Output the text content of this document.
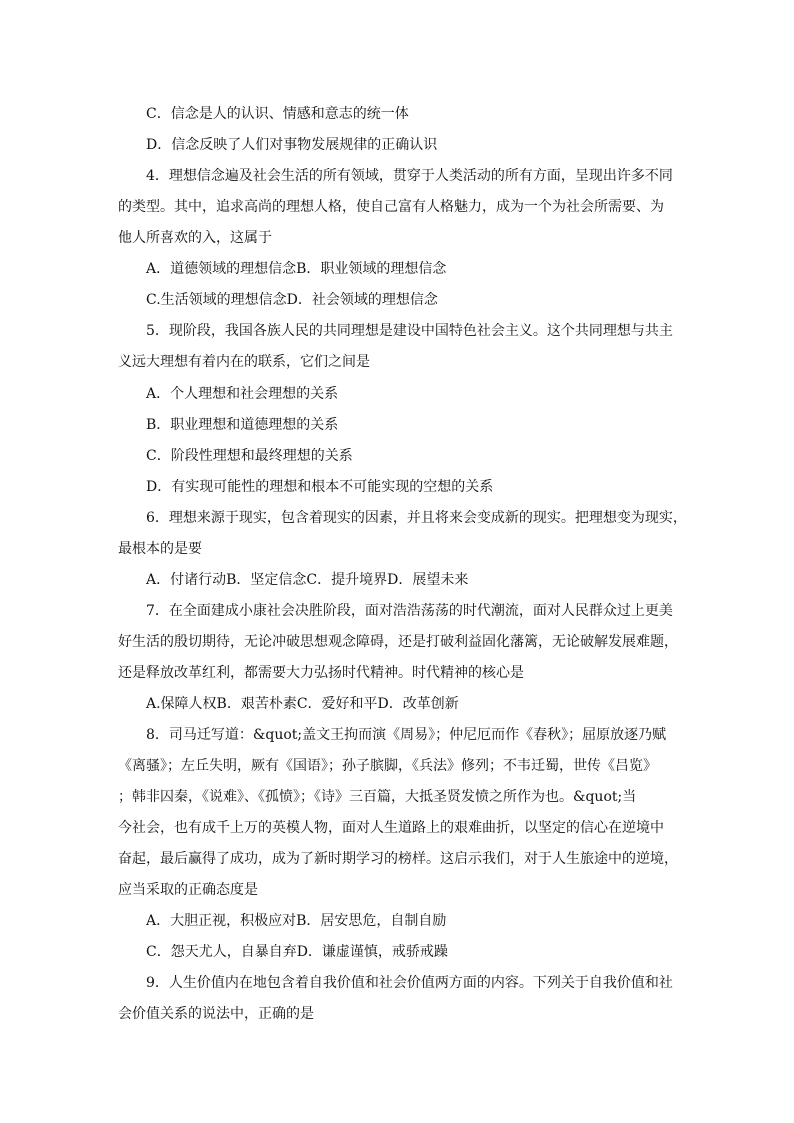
C．信念是人的认识、情感和意志的统一体
D．信念反映了人们对事物发展规律的正确认识
4．理想信念遍及社会生活的所有领域，贯穿于人类活动的所有方面，呈现出许多不同
的类型。其中，追求高尚的理想人格，使自己富有人格魅力，成为一个为社会所需要、为
他人所喜欢的入，这属于
A．道德领域的理想信念B．职业领域的理想信念
C.生活领域的理想信念D．社会领域的理想信念
5．现阶段，我国各族人民的共同理想是建设中国特色社会主义。这个共同理想与共主
义远大理想有着内在的联系，它们之间是
A．个人理想和社会理想的关系
B．职业理想和道德理想的关系
C．阶段性理想和最终理想的关系
D．有实现可能性的理想和根本不可能实现的空想的关系
6．理想来源于现实，包含着现实的因素，并且将来会变成新的现实。把理想变为现实，
最根本的是要
A．付诸行动B．坚定信念C．提升境界D．展望未来
7．在全面建成小康社会决胜阶段，面对浩浩荡荡的时代潮流，面对人民群众过上更美
好生活的殷切期待，无论冲破思想观念障碍，还是打破利益固化藩篱，无论破解发展难题，
还是释放改革红利，都需要大力弘扬时代精神。时代精神的核心是
A.保障人权B．艰苦朴素C．爱好和平D．改革创新
8．司马迁写道：&quot;盖文王拘而演《周易》；仲尼厄而作《春秋》；屈原放逐乃赋
《离骚》；左丘失明，厥有《国语》；孙子膑脚，《兵法》修列；不韦迁蜀，世传《吕览》
；韩非囚秦，《说难》、《孤愤》；《诗》三百篇，大抵圣贤发愤之所作为也。&quot;当
今社会，也有成千上万的英模人物，面对人生道路上的艰难曲折，以坚定的信心在逆境中
奋起，最后赢得了成功，成为了新时期学习的榜样。这启示我们，对于人生旅途中的逆境，
应当采取的正确态度是
A．大胆正视，积极应对B．居安思危，自制自励
C．怨天尤人，自暴自弃D．谦虚谨慎，戒骄戒躁
9．人生价值内在地包含着自我价值和社会价值两方面的内容。下列关于自我价值和社
会价值关系的说法中，正确的是
